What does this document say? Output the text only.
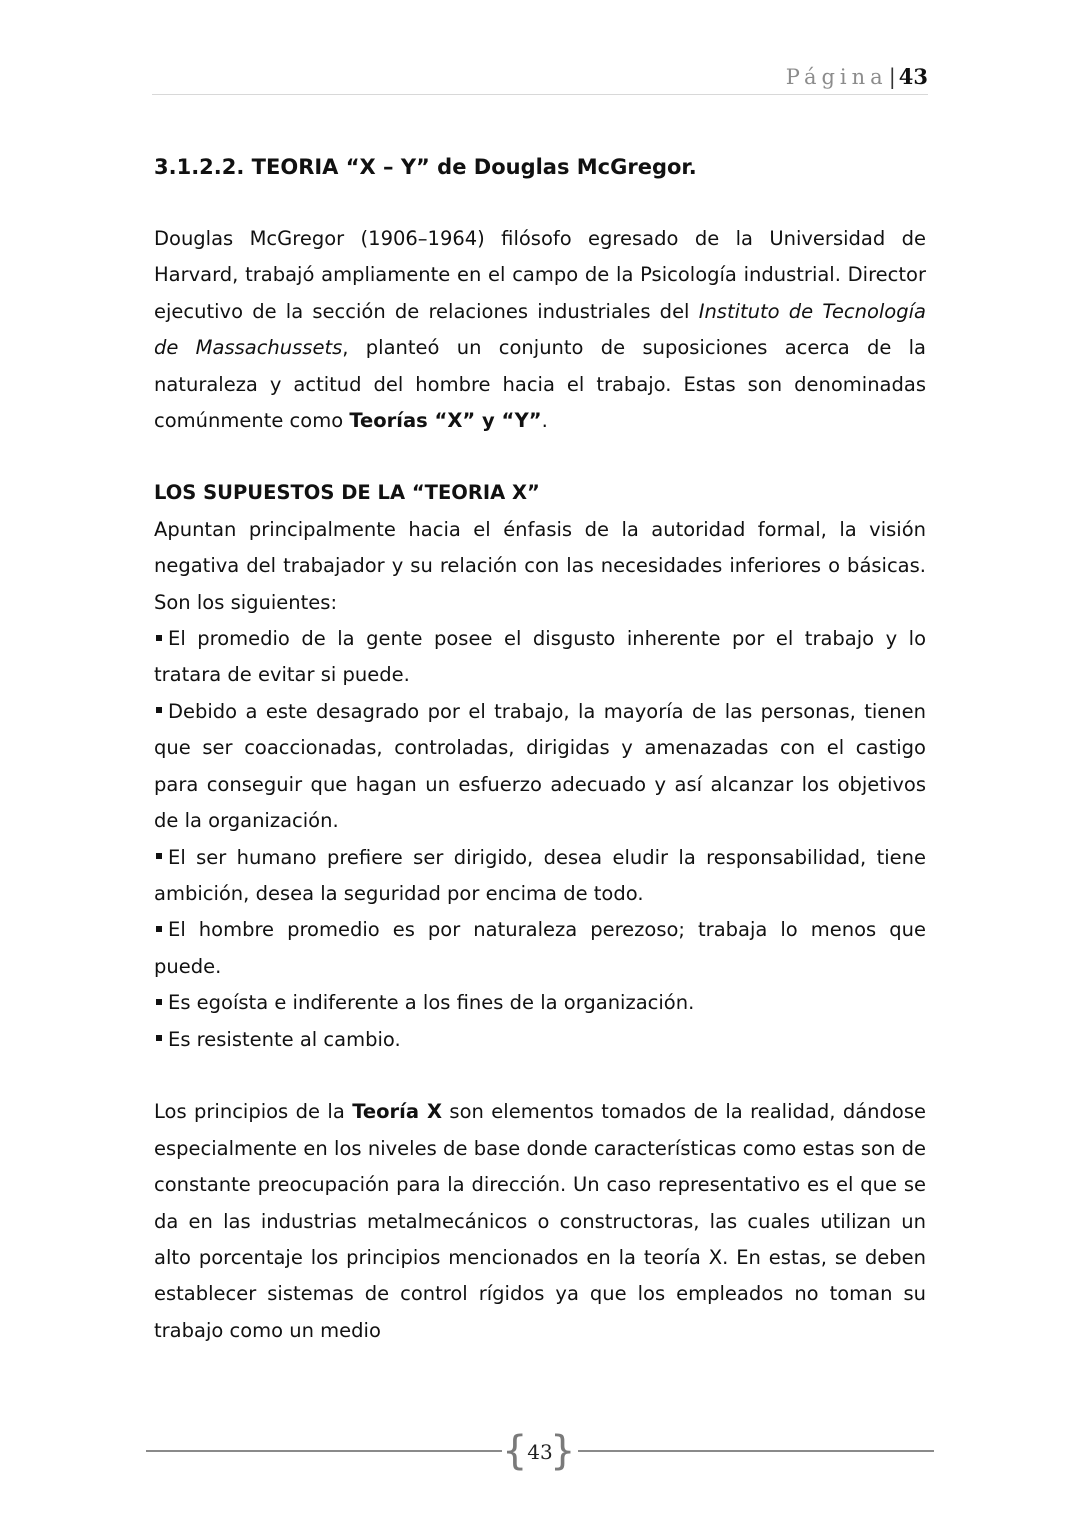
Página| 43
3.1.2.2. TEORIA “X – Y” de Douglas McGregor.

Douglas McGregor (1906–1964) filósofo egresado de la Universidad de Harvard, trabajó ampliamente en el campo de la Psicología industrial. Director ejecutivo de la sección de relaciones industriales del Instituto de Tecnología de Massachussets, planteó un conjunto de suposiciones acerca de la naturaleza y actitud del hombre hacia el trabajo. Estas son denominadas comúnmente como Teorías “X” y “Y”.

LOS SUPUESTOS DE LA “TEORIA X”

Apuntan principalmente hacia el énfasis de la autoridad formal, la visión negativa del trabajador y su relación con las necesidades inferiores o básicas. Son los siguientes:

El promedio de la gente posee el disgusto inherente por el trabajo y lo tratara de evitar si puede.
Debido a este desagrado por el trabajo, la mayoría de las personas, tienen que ser coaccionadas, controladas, dirigidas y amenazadas con el castigo para conseguir que hagan un esfuerzo adecuado y así alcanzar los objetivos de la organización.
El ser humano prefiere ser dirigido, desea eludir la responsabilidad, tiene ambición, desea la seguridad por encima de todo.
El hombre promedio es por naturaleza perezoso; trabaja lo menos que puede.
Es egoísta e indiferente a los fines de la organización.
Es resistente al cambio.

Los principios de la Teoría X son elementos tomados de la realidad, dándose especialmente en los niveles de base donde características como estas son de constante preocupación para la dirección. Un caso representativo es el que se da en las industrias metalmecánicos o constructoras, las cuales utilizan un alto porcentaje los principios mencionados en la teoría X. En estas, se deben establecer sistemas de control rígidos ya que los empleados no toman su trabajo como un medio

{ 43
}
